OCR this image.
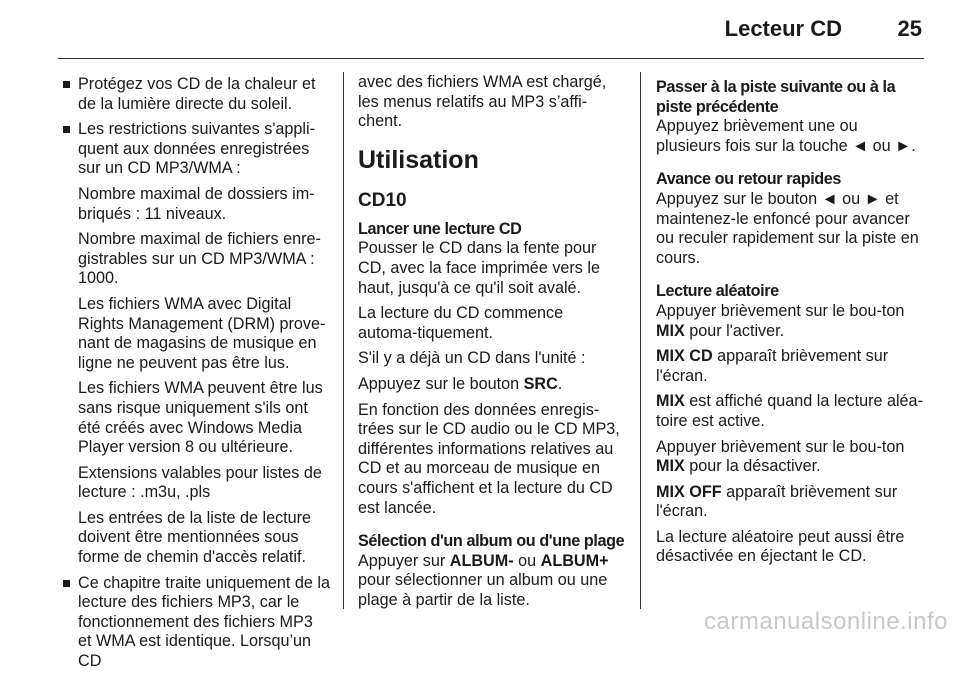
Lecteur CD	25
Protégez vos CD de la chaleur et de la lumière directe du soleil.
Les restrictions suivantes s'appli-quent aux données enregistrées sur un CD MP3/WMA :
Nombre maximal de dossiers im-briqués : 11 niveaux.
Nombre maximal de fichiers enre-gistrables sur un CD MP3/WMA : 1000.
Les fichiers WMA avec Digital Rights Management (DRM) prove-nant de magasins de musique en ligne ne peuvent pas être lus.
Les fichiers WMA peuvent être lus sans risque uniquement s'ils ont été créés avec Windows Media Player version 8 ou ultérieure.
Extensions valables pour listes de lecture : .m3u, .pls
Les entrées de la liste de lecture doivent être mentionnées sous forme de chemin d'accès relatif.
Ce chapitre traite uniquement de la lecture des fichiers MP3, car le fonctionnement des fichiers MP3 et WMA est identique. Lorsqu’un CD

avec des fichiers WMA est chargé, les menus relatifs au MP3 s’affi-chent.

Utilisation
CD10
Lancer une lecture CD

Pousser le CD dans la fente pour CD, avec la face imprimée vers le haut, jusqu'à ce qu'il soit avalé.

La lecture du CD commence automa-tiquement.

S'il y a déjà un CD dans l'unité :

Appuyez sur le bouton SRC.

En fonction des données enregis-trées sur le CD audio ou le CD MP3, différentes informations relatives au CD et au morceau de musique en cours s'affichent et la lecture du CD est lancée.

Sélection d'un album ou d'une plage

Appuyer sur ALBUM- ou ALBUM+ pour sélectionner un album ou une plage à partir de la liste.

Passer à la piste suivante ou à la piste précédente

Appuyez brièvement une ou plusieurs fois sur la touche ◄ ou ►.

Avance ou retour rapides

Appuyez sur le bouton ◄ ou ► et maintenez-le enfoncé pour avancer ou reculer rapidement sur la piste en cours.

Lecture aléatoire

Appuyer brièvement sur le bou-ton MIX pour l'activer.

MIX CD apparaît brièvement sur l'écran.

MIX est affiché quand la lecture aléa-toire est active.

Appuyer brièvement sur le bou-ton MIX pour la désactiver.

MIX OFF apparaît brièvement sur l'écran.

La lecture aléatoire peut aussi être désactivée en éjectant le CD.

carmanualsonline.info
